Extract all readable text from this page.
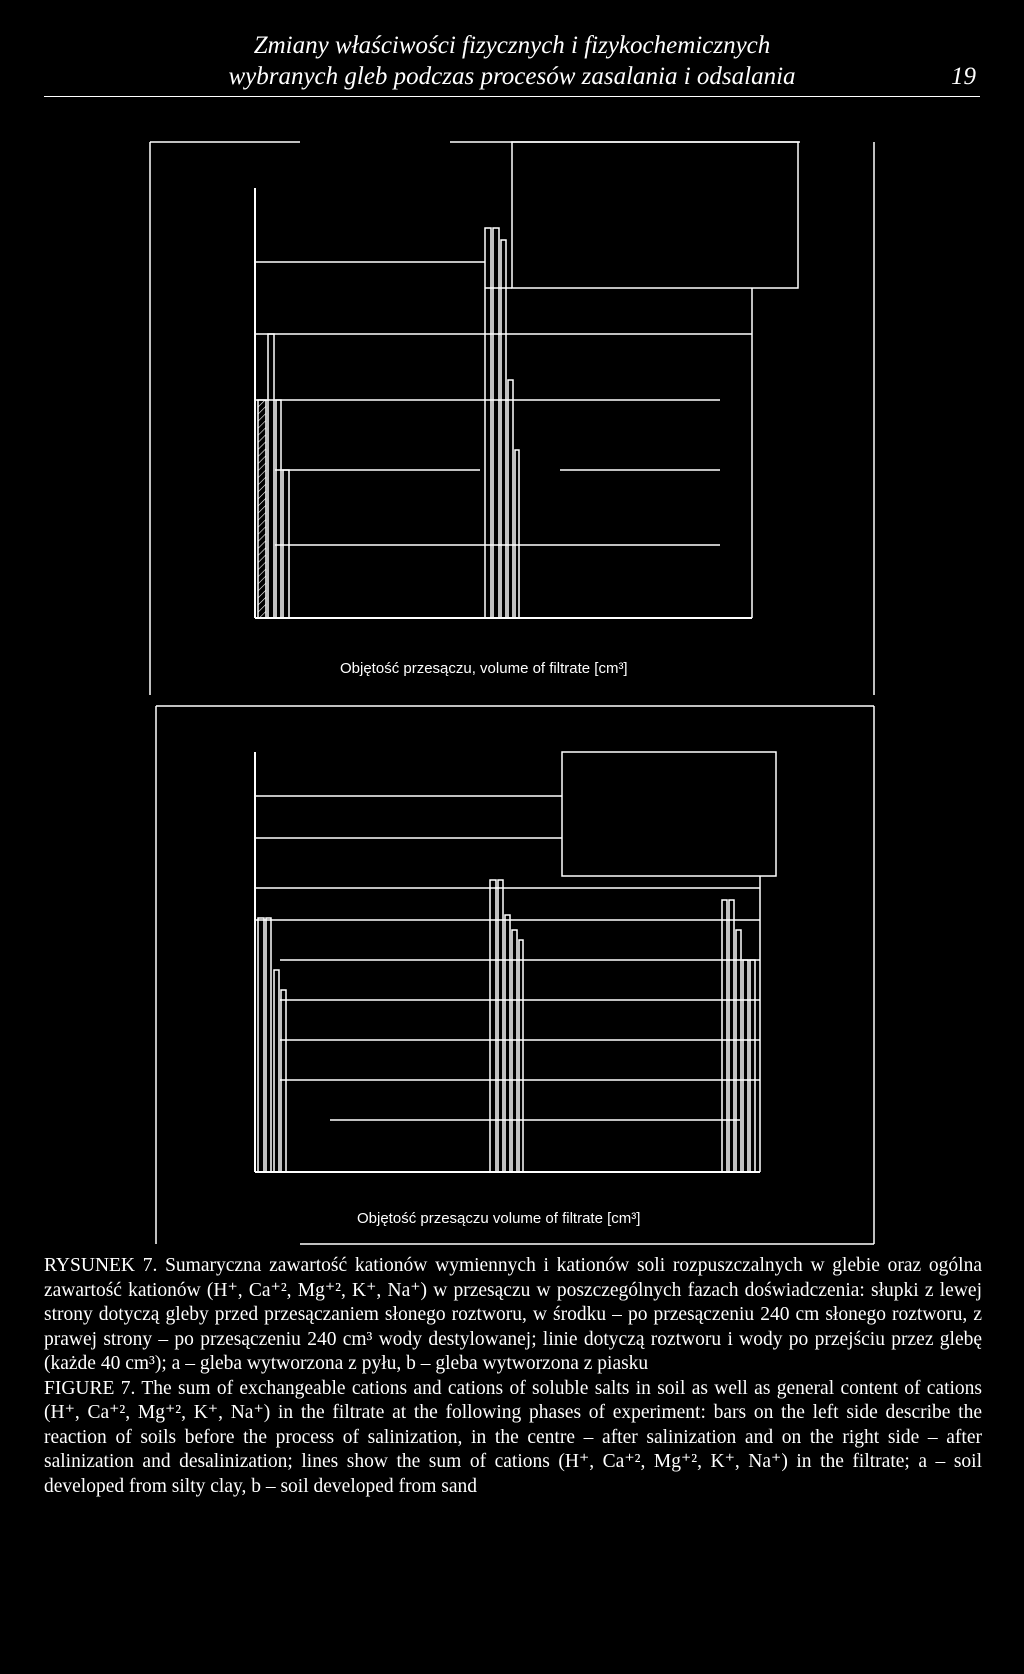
Zmiany właściwości fizycznych i fizykochemicznych
wybranych gleb podczas procesów zasalania i odsalania	19
Objętość przesączu, volume of filtrate [cm³]
Objętość przesączu volume of filtrate [cm³]

RYSUNEK 7. Sumaryczna zawartość kationów wymiennych i kationów soli rozpuszczalnych w glebie oraz ogólna zawartość kationów (H⁺, Ca⁺², Mg⁺², K⁺, Na⁺) w przesączu w poszczególnych fazach doświadczenia: słupki z lewej strony dotyczą gleby przed przesączaniem słonego roztworu, w środku – po przesączeniu 240 cm słonego roztworu, z prawej strony – po przesączeniu 240 cm³ wody destylowanej; linie dotyczą roztworu i wody po przejściu przez glebę (każde 40 cm³); a – gleba wytworzona z pyłu, b – gleba wytworzona z piasku

FIGURE 7. The sum of exchangeable cations and cations of soluble salts in soil as well as general content of cations (H⁺, Ca⁺², Mg⁺², K⁺, Na⁺) in the filtrate at the following phases of experiment: bars on the left side describe the reaction of soils before the process of salinization, in the centre – after salinization and on the right side – after salinization and desalinization; lines show the sum of cations (H⁺, Ca⁺², Mg⁺², K⁺, Na⁺) in the filtrate; a – soil developed from silty clay, b – soil developed from sand
